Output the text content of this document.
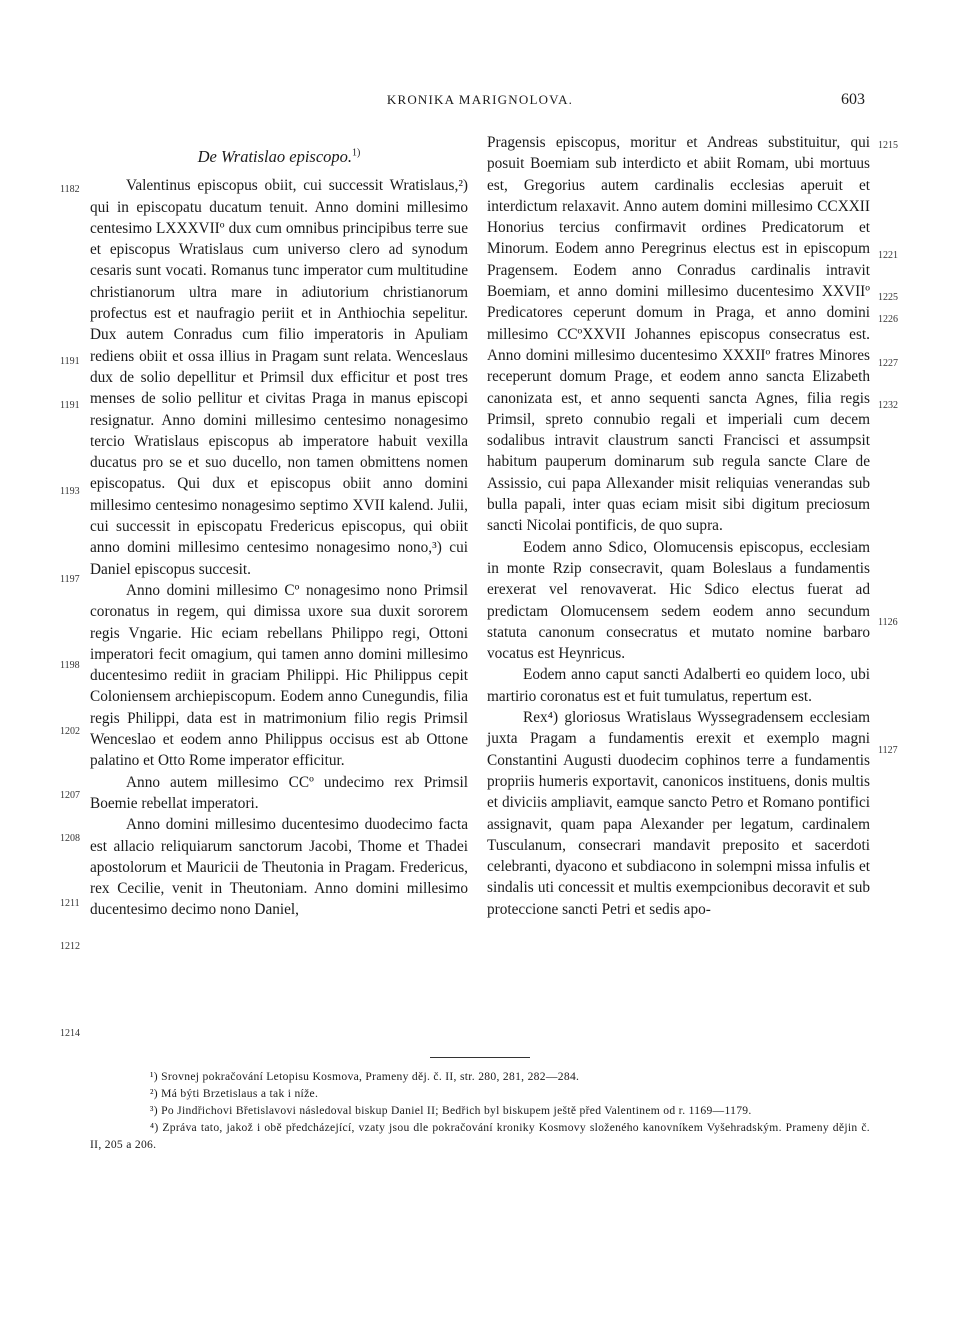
KRONIKA MARIGNOLOVA.	603
De Wratislao episcopo.$^{1)}$

Valentinus episcopus obiit, cui successit Wratislaus,²) qui in episcopatu ducatum tenuit. Anno domini millesimo centesimo LXXXVIIº dux cum omnibus principibus terre sue et episcopus Wratislaus cum universo clero ad synodum cesaris sunt vocati. Romanus tunc imperator cum multitudine christianorum ultra mare in adiutorium christianorum profectus est et naufragio periit et in Anthiochia sepelitur. Dux autem Conradus cum filio imperatoris in Apuliam rediens obiit et ossa illius in Pragam sunt relata. Wenceslaus dux de solio depellitur et Primsil dux efficitur et post tres menses de solio pellitur et civitas Praga in manus episcopi resignatur. Anno domini millesimo centesimo nonagesimo tercio Wratislaus episcopus ab imperatore habuit vexilla ducatus pro se et suo ducello, non tamen obmittens nomen episcopatus. Qui dux et episcopus obiit anno domini millesimo centesimo nonagesimo septimo XVII kalend. Julii, cui successit in episcopatu Fredericus episcopus, qui obiit anno domini millesimo centesimo nonagesimo nono,³) cui Daniel episcopus succesit.

Anno domini millesimo Cº nonagesimo nono Primsil coronatus in regem, qui dimissa uxore sua duxit sororem regis Vngarie. Hic eciam rebellans Philippo regi, Ottoni imperatori fecit omagium, qui tamen anno domini millesimo ducentesimo rediit in graciam Philippi. Hic Philippus cepit Coloniensem archiepiscopum. Eodem anno Cunegundis, filia regis Philippi, data est in matrimonium filio regis Primsil Wenceslao et eodem anno Philippus occisus est ab Ottone palatino et Otto Rome imperator efficitur.

Anno autem millesimo CCº undecimo rex Primsil Boemie rebellat imperatori.

Anno domini millesimo ducentesimo duodecimo facta est allacio reliquiarum sanctorum Jacobi, Thome et Thadei apostolorum et Mauricii de Theutonia in Pragam. Fredericus, rex Cecilie, venit in Theutoniam. Anno domini millesimo ducentesimo decimo nono Daniel,

1182
1191
1191
1193
1197
1198
1202
1207
1208
1211
1212
1214

Pragensis episcopus, moritur et Andreas substituitur, qui posuit Boemiam sub interdicto et abiit Romam, ubi mortuus est, Gregorius autem cardinalis ecclesias aperuit et interdictum relaxavit. Anno autem domini millesimo CCXXII Honorius tercius confirmavit ordines Predicatorum et Minorum. Eodem anno Peregrinus electus est in episcopum Pragensem. Eodem anno Conradus cardinalis intravit Boemiam, et anno domini millesimo ducentesimo XXVIIº Predicatores ceperunt domum in Praga, et anno domini millesimo CCºXXVII Johannes episcopus consecratus est. Anno domini millesimo ducentesimo XXXIIº fratres Minores receperunt domum Prage, et eodem anno sancta Elizabeth canonizata est, et anno sequenti sancta Agnes, filia regis Primsil, spreto connubio regali et imperiali cum decem sodalibus intravit claustrum sancti Francisci et assumpsit habitum pauperum dominarum sub regula sancte Clare de Assissio, cui papa Allexander misit reliquias venerandas sub bulla papali, inter quas eciam misit sibi digitum preciosum sancti Nicolai pontificis, de quo supra.

Eodem anno Sdico, Olomucensis episcopus, ecclesiam in monte Rzip consecravit, quam Boleslaus a fundamentis erexerat vel renovaverat. Hic Sdico electus fuerat ad predictam Olomucensem sedem eodem anno secundum statuta canonum consecratus et mutato nomine barbaro vocatus est Heynricus.

Eodem anno caput sancti Adalberti eo quidem loco, ubi martirio coronatus est et fuit tumulatus, repertum est.

Rex⁴) gloriosus Wratislaus Wyssegradensem ecclesiam juxta Pragam a fundamentis erexit et exemplo magni Constantini Augusti duodecim cophinos terre a fundamentis propriis humeris exportavit, canonicos instituens, donis multis et diviciis ampliavit, eamque sancto Petro et Romano pontifici assignavit, quam papa Alexander per legatum, cardinalem Tusculanum, consecrari mandavit preposito et sacerdoti celebranti, dyacono et subdiacono in solempni missa infulis et sindalis uti concessit et multis exempcionibus decoravit et sub proteccione sancti Petri et sedis apo-

1215
1221
1225
1226
1227
1232
1126
1127

¹) Srovnej pokračování Letopisu Kosmova, Prameny děj. č. II, str. 280, 281, 282—284.

²) Má býti Brzetislaus a tak i níže.

³) Po Jindřichovi Břetislavovi následoval biskup Daniel II; Bedřich byl biskupem ještě před Valentinem od r. 1169—1179.

⁴) Zpráva tato, jakož i obě předcházející, vzaty jsou dle pokračování kroniky Kosmovy složeného kanovníkem Vyšehradským. Prameny dějin č. II, 205 a 206.
